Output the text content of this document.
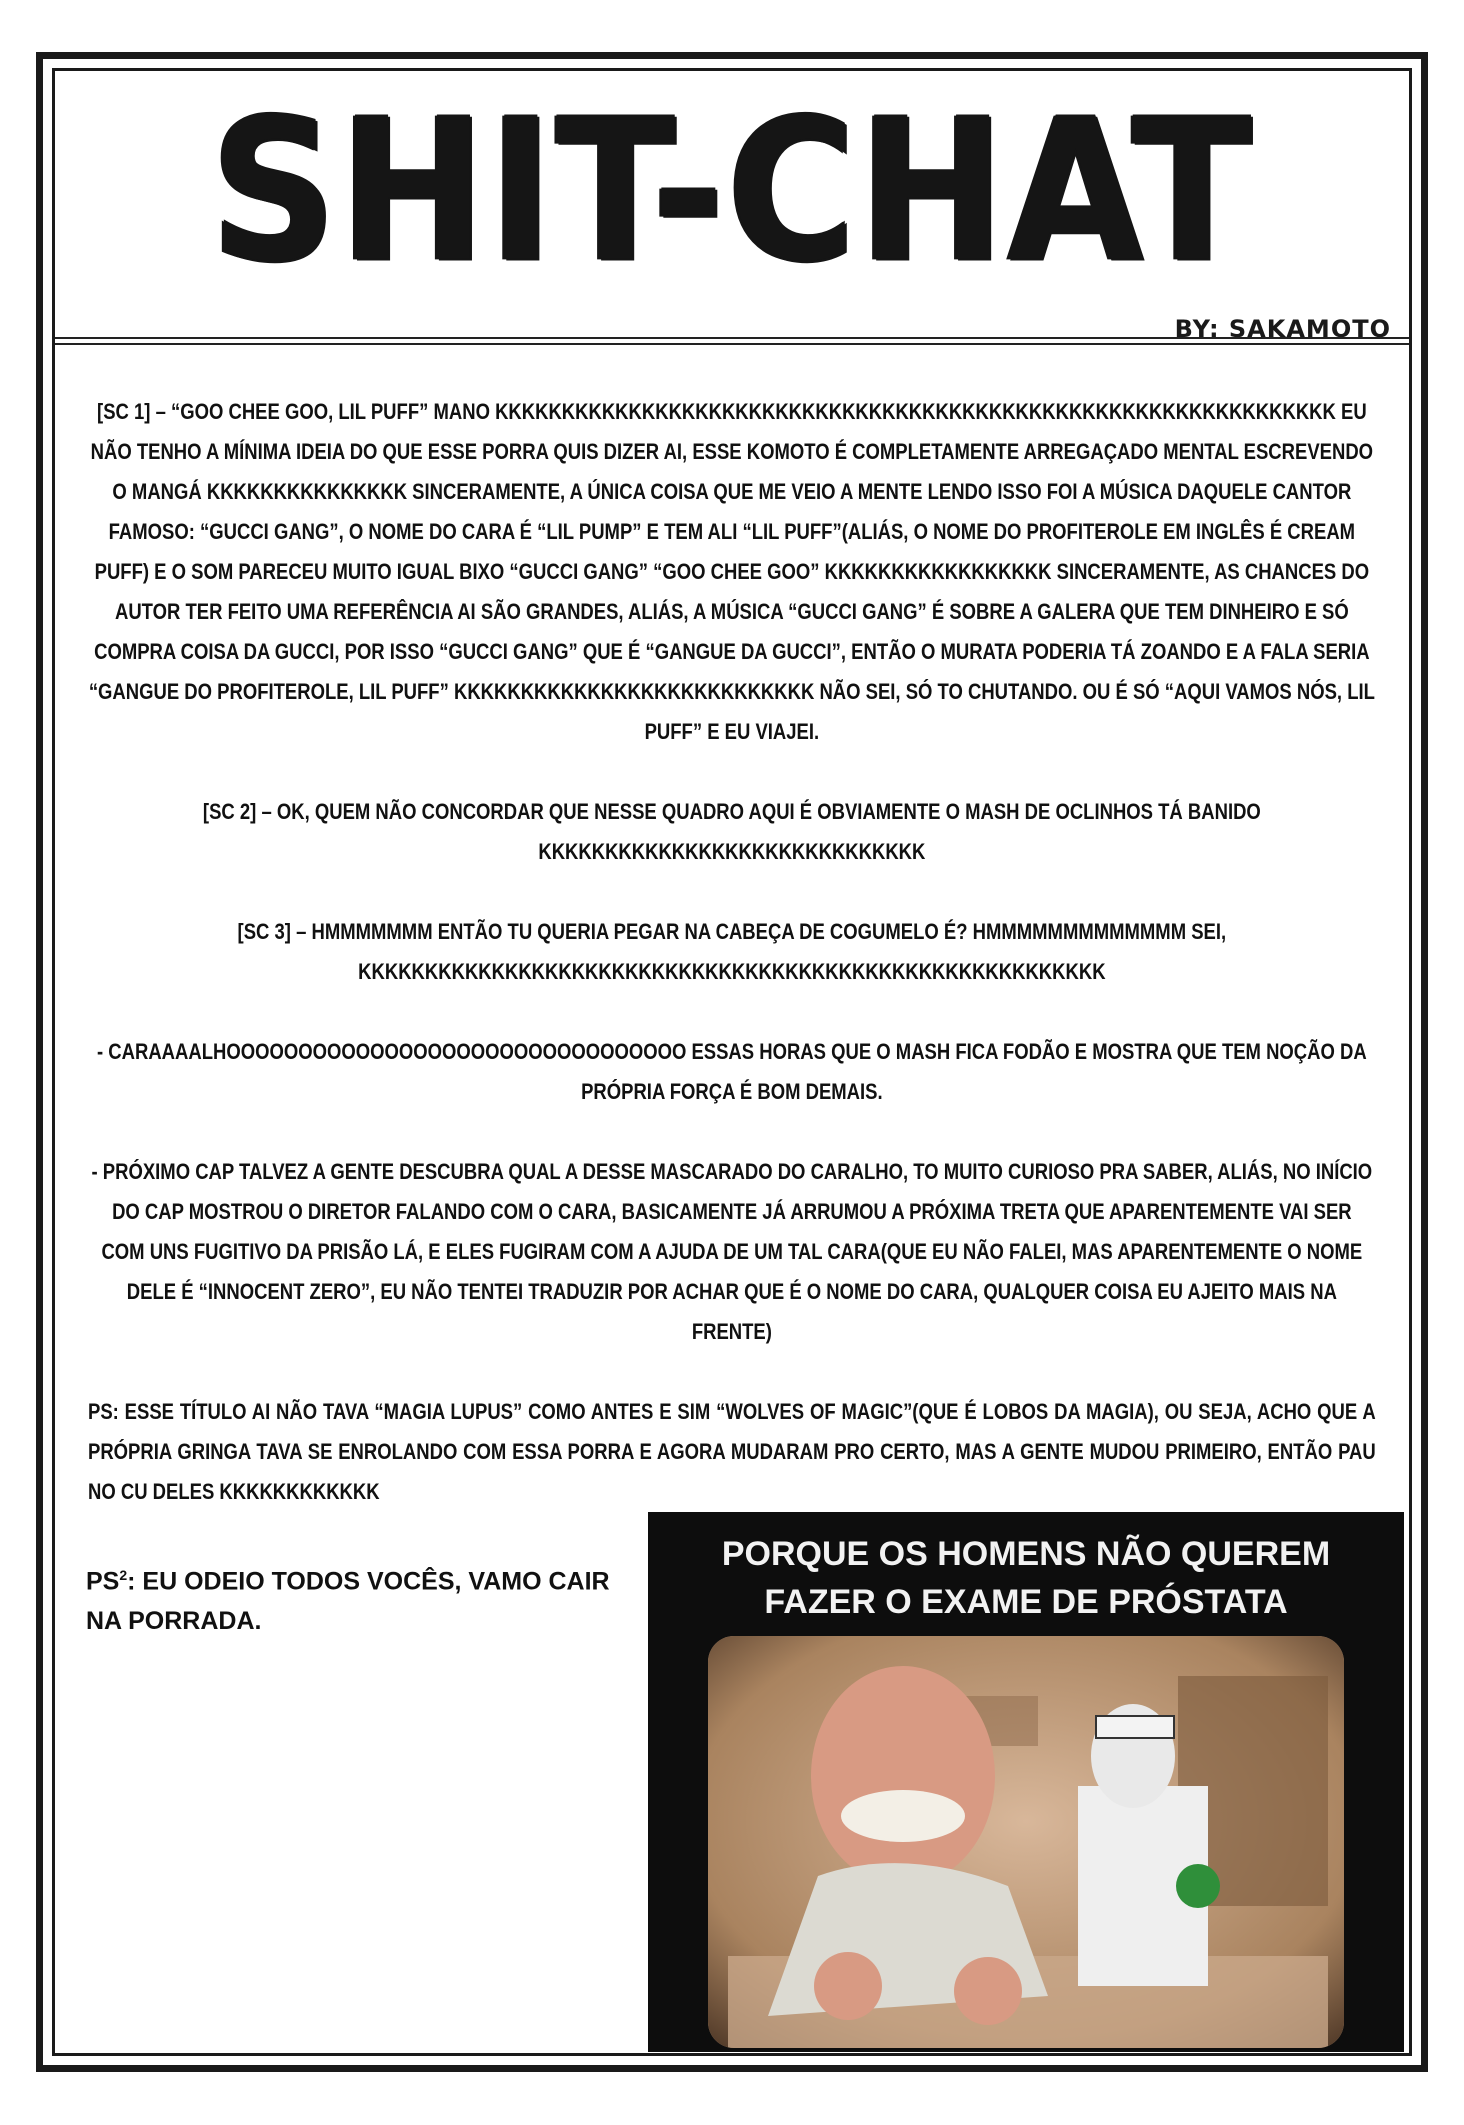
SHIT-CHAT
BY: SAKAMOTO

[SC 1] – “GOO CHEE GOO, LIL PUFF” MANO KKKKKKKKKKKKKKKKKKKKKKKKKKKKKKKKKKKKKKKKKKKKKKKKKKKKKKKKKKKKKKK EU NÃO TENHO A MÍNIMA IDEIA DO QUE ESSE PORRA QUIS DIZER AI, ESSE KOMOTO É COMPLETAMENTE ARREGAÇADO MENTAL ESCREVENDO O MANGÁ KKKKKKKKKKKKKKK SINCERAMENTE, A ÚNICA COISA QUE ME VEIO A MENTE LENDO ISSO FOI A MÚSICA DAQUELE CANTOR FAMOSO: “GUCCI GANG”, O NOME DO CARA É “LIL PUMP” E TEM ALI “LIL PUFF”(ALIÁS, O NOME DO PROFITEROLE EM INGLÊS É CREAM PUFF) E O SOM PARECEU MUITO IGUAL BIXO “GUCCI GANG” “GOO CHEE GOO” KKKKKKKKKKKKKKKKK SINCERAMENTE, AS CHANCES DO AUTOR TER FEITO UMA REFERÊNCIA AI SÃO GRANDES, ALIÁS, A MÚSICA “GUCCI GANG” É SOBRE A GALERA QUE TEM DINHEIRO E SÓ COMPRA COISA DA GUCCI, POR ISSO “GUCCI GANG” QUE É “GANGUE DA GUCCI”, ENTÃO O MURATA PODERIA TÁ ZOANDO E A FALA SERIA “GANGUE DO PROFITEROLE, LIL PUFF” KKKKKKKKKKKKKKKKKKKKKKKKKKK NÃO SEI, SÓ TO CHUTANDO. OU É SÓ “AQUI VAMOS NÓS, LIL PUFF” E EU VIAJEI.

[SC 2] – OK, QUEM NÃO CONCORDAR QUE NESSE QUADRO AQUI É OBVIAMENTE O MASH DE OCLINHOS TÁ BANIDO KKKKKKKKKKKKKKKKKKKKKKKKKKKKK

[SC 3] – HMMMMMMM ENTÃO TU QUERIA PEGAR NA CABEÇA DE COGUMELO É? HMMMMMMMMMMMMM SEI, KKKKKKKKKKKKKKKKKKKKKKKKKKKKKKKKKKKKKKKKKKKKKKKKKKKKKKKK

- CARAAAALHOOOOOOOOOOOOOOOOOOOOOOOOOOOOOOOO ESSAS HORAS QUE O MASH FICA FODÃO E MOSTRA QUE TEM NOÇÃO DA PRÓPRIA FORÇA É BOM DEMAIS.

- PRÓXIMO CAP TALVEZ A GENTE DESCUBRA QUAL A DESSE MASCARADO DO CARALHO, TO MUITO CURIOSO PRA SABER, ALIÁS, NO INÍCIO DO CAP MOSTROU O DIRETOR FALANDO COM O CARA, BASICAMENTE JÁ ARRUMOU A PRÓXIMA TRETA QUE APARENTEMENTE VAI SER COM UNS FUGITIVO DA PRISÃO LÁ, E ELES FUGIRAM COM A AJUDA DE UM TAL CARA(QUE EU NÃO FALEI, MAS APARENTEMENTE O NOME DELE É “INNOCENT ZERO”, EU NÃO TENTEI TRADUZIR POR ACHAR QUE É O NOME DO CARA, QUALQUER COISA EU AJEITO MAIS NA FRENTE)

PS: ESSE TÍTULO AI NÃO TAVA “MAGIA LUPUS” COMO ANTES E SIM “WOLVES OF MAGIC”(QUE É LOBOS DA MAGIA), OU SEJA, ACHO QUE A PRÓPRIA GRINGA TAVA SE ENROLANDO COM ESSA PORRA E AGORA MUDARAM PRO CERTO, MAS A GENTE MUDOU PRIMEIRO, ENTÃO PAU NO CU DELES KKKKKKKKKKKK

$PS^2$: EU ODEIO TODOS VOCÊS, VAMO CAIR NA PORRADA.
PORQUE OS HOMENS NÃO QUEREM
FAZER O EXAME DE PRÓSTATA
